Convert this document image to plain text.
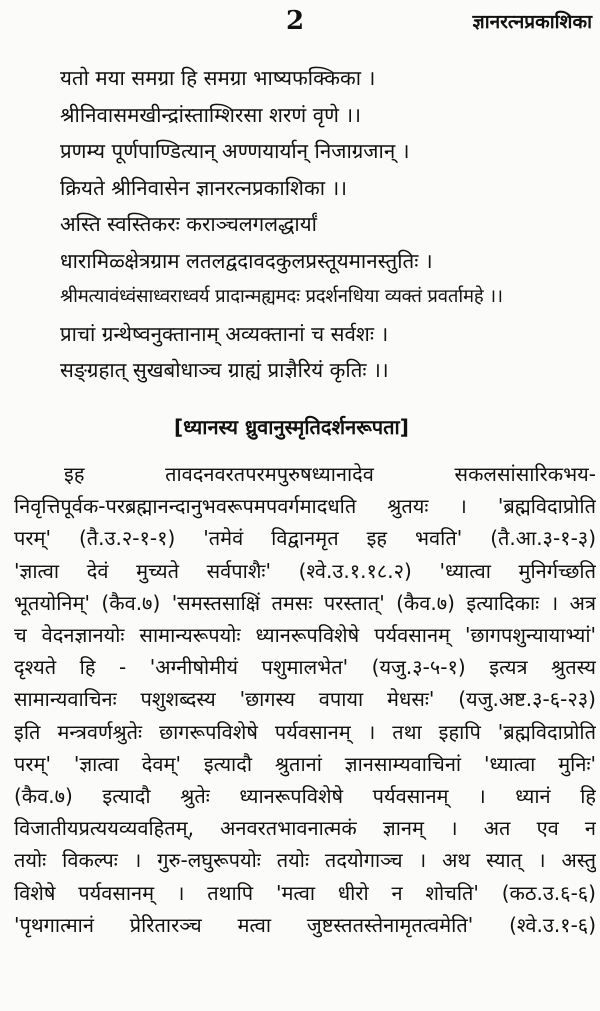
2	ज्ञानरत्नप्रकाशिका
यतो मया समग्रा हि समग्रा भाष्यफक्किका ।
श्रीनिवासमखीन्द्रांस्ताम्शिरसा शरणं वृणे ।।
प्रणम्य पूर्णपाण्डित्यान् अण्णयार्यान् निजाग्रजान् ।
क्रियते श्रीनिवासेन ज्ञानरत्नप्रकाशिका ।।
अस्ति स्वस्तिकरः कराञ्चलगलद्धार्यां
धारामिळ्क्षेत्रग्राम लतलद्वदावदकुलप्रस्तूयमानस्तुतिः ।
श्रीमत्यावंध्वंसाध्वराध्वर्य प्रादान्मह्यमदः प्रदर्शनधिया व्यक्तं प्रवर्तामहे ।।
प्राचां ग्रन्थेष्वनुक्तानाम् अव्यक्तानां च सर्वशः ।
सङ्ग्रहात् सुखबोधाञ्च ग्राह्यं प्राज्ञैरियं कृतिः ।।
[ध्यानस्य ध्रुवानुस्मृतिदर्शनरूपता]
इह तावदनवरतपरमपुरुषध्यानादेव सकलसांसारिकभय-
निवृत्तिपूर्वक-परब्रह्मानन्दानुभवरूपमपवर्गमादधति श्रुतयः । 'ब्रह्मविदाप्रोति
परम्' (तै.उ.२-१-१) 'तमेवं विद्वानमृत इह भवति' (तै.आ.३-१-३)
'ज्ञात्वा देवं मुच्यते सर्वपाशैः' (श्वे.उ.१.१८.२) 'ध्यात्वा मुनिर्गच्छति
भूतयोनिम्' (कैव.७) 'समस्तसाक्षिं तमसः परस्तात्' (कैव.७) इत्यादिकाः । अत्र
च वेदनज्ञानयोः सामान्यरूपयोः ध्यानरूपविशेषे पर्यवसानम् 'छागपशुन्यायाभ्यां'
दृश्यते हि - 'अग्नीषोमीयं पशुमालभेत' (यजु.३-५-१) इत्यत्र श्रुतस्य
सामान्यवाचिनः पशुशब्दस्य 'छागस्य वपाया मेधसः' (यजु.अष्ट.३-६-२३)
इति मन्त्रवर्णश्रुतेः छागरूपविशेषे पर्यवसानम् । तथा इहापि 'ब्रह्मविदाप्रोति
परम्' 'ज्ञात्वा देवम्' इत्यादौ श्रुतानां ज्ञानसाम्यवाचिनां 'ध्यात्वा मुनिः'
(कैव.७) इत्यादौ श्रुतेः ध्यानरूपविशेषे पर्यवसानम् । ध्यानं हि
विजातीयप्रत्ययव्यवहितम्, अनवरतभावनात्मकं ज्ञानम् । अत एव न
तयोः विकल्पः । गुरु-लघुरूपयोः तयोः तदयोगाञ्च । अथ स्यात् । अस्तु
विशेषे पर्यवसानम् । तथापि 'मत्वा धीरो न शोचति' (कठ.उ.६-६)
'पृथगात्मानं प्रेरितारञ्च मत्वा जुष्टस्ततस्तेनामृतत्वमेति' (श्वे.उ.१-६)
